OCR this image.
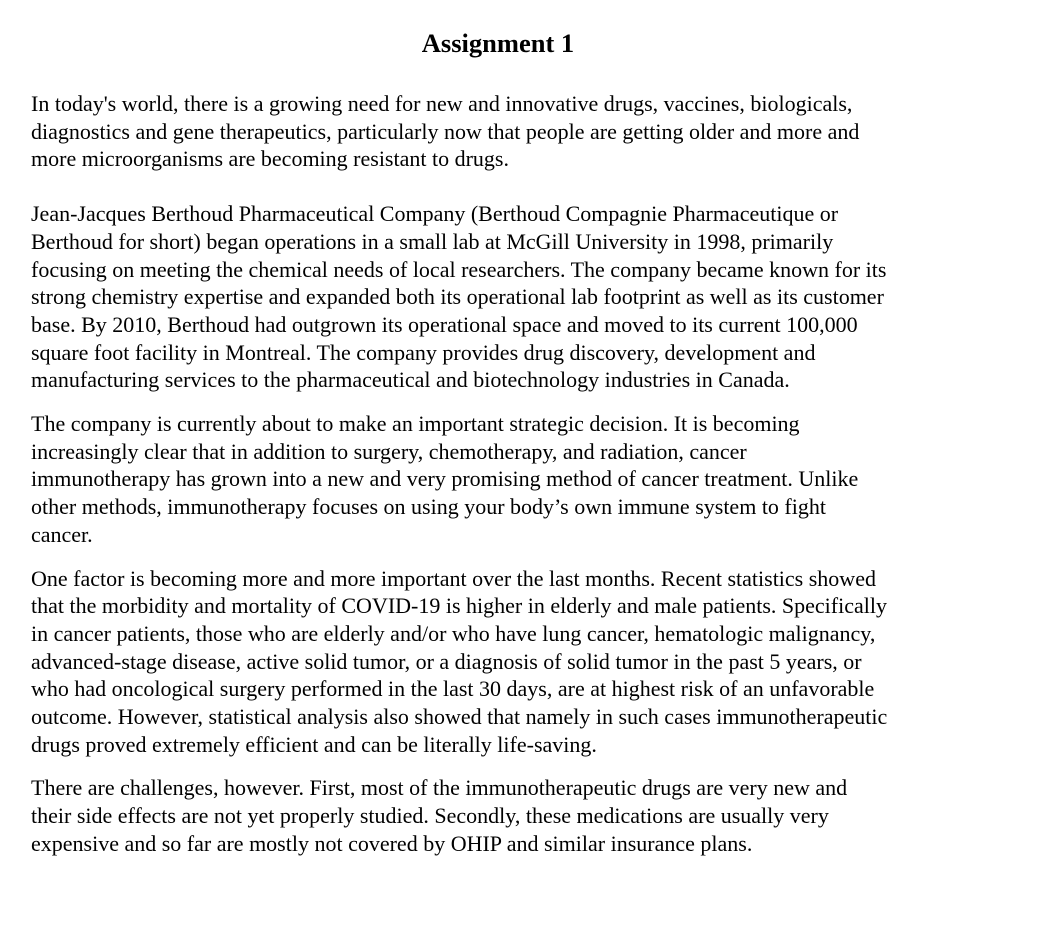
Assignment 1

In today's world, there is a growing need for new and innovative drugs, vaccines, biologicals,
diagnostics and gene therapeutics, particularly now that people are getting older and more and
more microorganisms are becoming resistant to drugs.

Jean-Jacques Berthoud Pharmaceutical Company (Berthoud Compagnie Pharmaceutique or
Berthoud for short) began operations in a small lab at McGill University in 1998, primarily
focusing on meeting the chemical needs of local researchers. The company became known for its
strong chemistry expertise and expanded both its operational lab footprint as well as its customer
base. By 2010, Berthoud had outgrown its operational space and moved to its current 100,000
square foot facility in Montreal. The company provides drug discovery, development and
manufacturing services to the pharmaceutical and biotechnology industries in Canada.

The company is currently about to make an important strategic decision. It is becoming
increasingly clear that in addition to surgery, chemotherapy, and radiation, cancer
immunotherapy has grown into a new and very promising method of cancer treatment. Unlike
other methods, immunotherapy focuses on using your body’s own immune system to fight
cancer.

One factor is becoming more and more important over the last months. Recent statistics showed
that the morbidity and mortality of COVID-19 is higher in elderly and male patients. Specifically
in cancer patients, those who are elderly and/or who have lung cancer, hematologic malignancy,
advanced-stage disease, active solid tumor, or a diagnosis of solid tumor in the past 5 years, or
who had oncological surgery performed in the last 30 days, are at highest risk of an unfavorable
outcome. However, statistical analysis also showed that namely in such cases immunotherapeutic
drugs proved extremely efficient and can be literally life-saving.

There are challenges, however. First, most of the immunotherapeutic drugs are very new and
their side effects are not yet properly studied. Secondly, these medications are usually very
expensive and so far are mostly not covered by OHIP and similar insurance plans.
